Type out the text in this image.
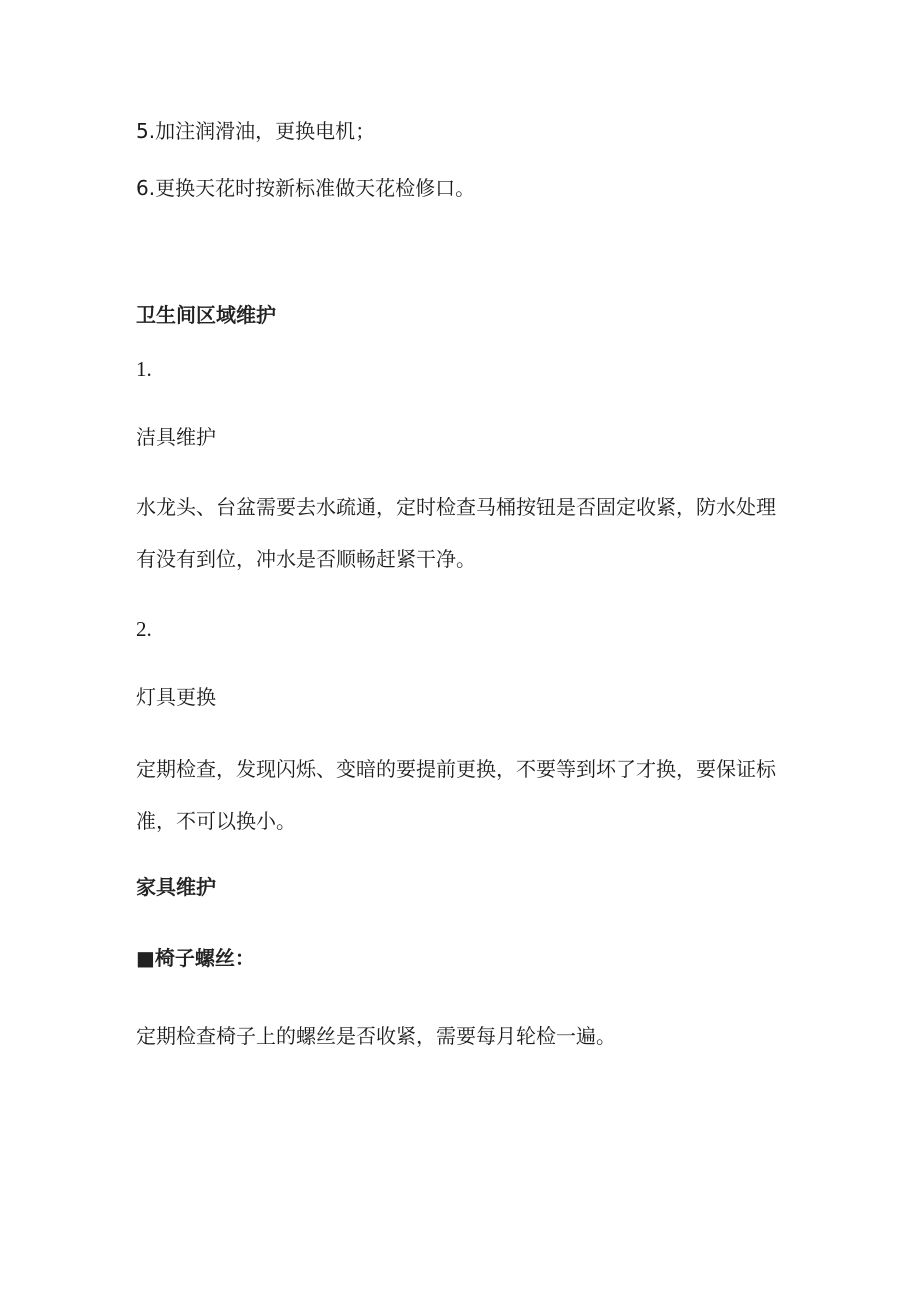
5.加注润滑油，更换电机；
6.更换天花时按新标准做天花检修口。
卫生间区域维护
1.
洁具维护
水龙头、台盆需要去水疏通，定时检查马桶按钮是否固定收紧，防水处理
有没有到位，冲水是否顺畅赶紧干净。
2.
灯具更换
定期检查，发现闪烁、变暗的要提前更换，不要等到坏了才换，要保证标
准，不可以换小。
家具维护
■椅子螺丝：
定期检查椅子上的螺丝是否收紧，需要每月轮检一遍。
